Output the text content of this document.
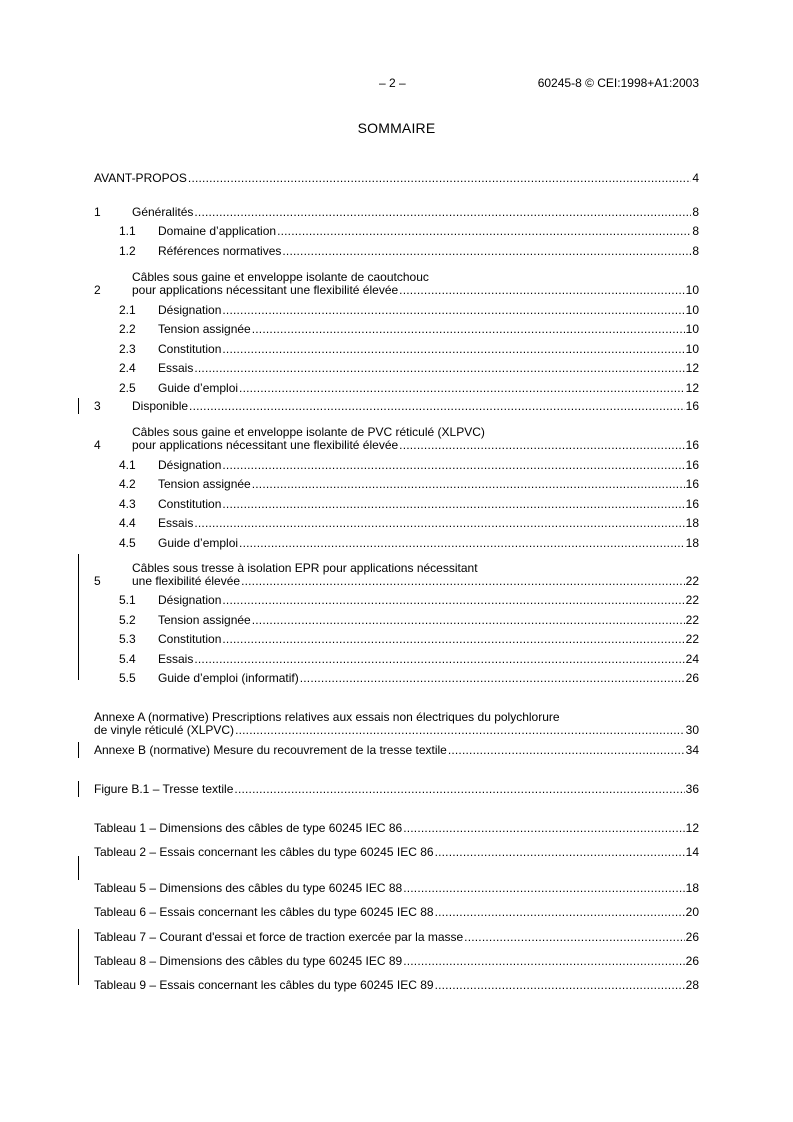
– 2 –	60245-8 © CEI:1998+A1:2003
SOMMAIRE
AVANT-PROPOS .....	4
1	Généralités .....	8
1.1 Domaine d’application .....	8
1.2 Références normatives .....	8
2
Câbles sous gaine et enveloppe isolante de caoutchouc
pour applications nécessitant une flexibilité élevée .....	10
2.1 Désignation .....	10
2.2 Tension assignée .....	10
2.3 Constitution .....	10
2.4 Essais .....	12
2.5 Guide d’emploi .....	12
3	Disponible .....	16
4
Câbles sous gaine et enveloppe isolante de PVC réticulé (XLPVC)
pour applications nécessitant une flexibilité élevée .....	16
4.1 Désignation .....	16
4.2 Tension assignée .....	16
4.3 Constitution .....	16
4.4 Essais .....	18
4.5 Guide d’emploi .....	18
5
Câbles sous tresse à isolation EPR pour applications nécessitant
une flexibilité élevée .....	22
5.1 Désignation .....	22
5.2 Tension assignée .....	22
5.3 Constitution .....	22
5.4 Essais .....	24
5.5 Guide d’emploi (informatif) .....	26
Annexe A (normative) Prescriptions relatives aux essais non électriques du polychlorure
de vinyle réticulé (XLPVC) .....	30
Annexe B (normative) Mesure du recouvrement de la tresse textile .....	34
Figure B.1 – Tresse textile .....	36
Tableau 1 – Dimensions des câbles de type 60245 IEC 86 .....	12
Tableau 2 – Essais concernant les câbles du type 60245 IEC 86 .....	14
Tableau 5 – Dimensions des câbles du type 60245 IEC 88 .....	18
Tableau 6 – Essais concernant les câbles du type 60245 IEC 88 .....	20
Tableau 7 – Courant d'essai et force de traction exercée par la masse .....	26
Tableau 8 – Dimensions des câbles du type 60245 IEC 89 .....	26
Tableau 9 – Essais concernant les câbles du type 60245 IEC 89 .....	28
